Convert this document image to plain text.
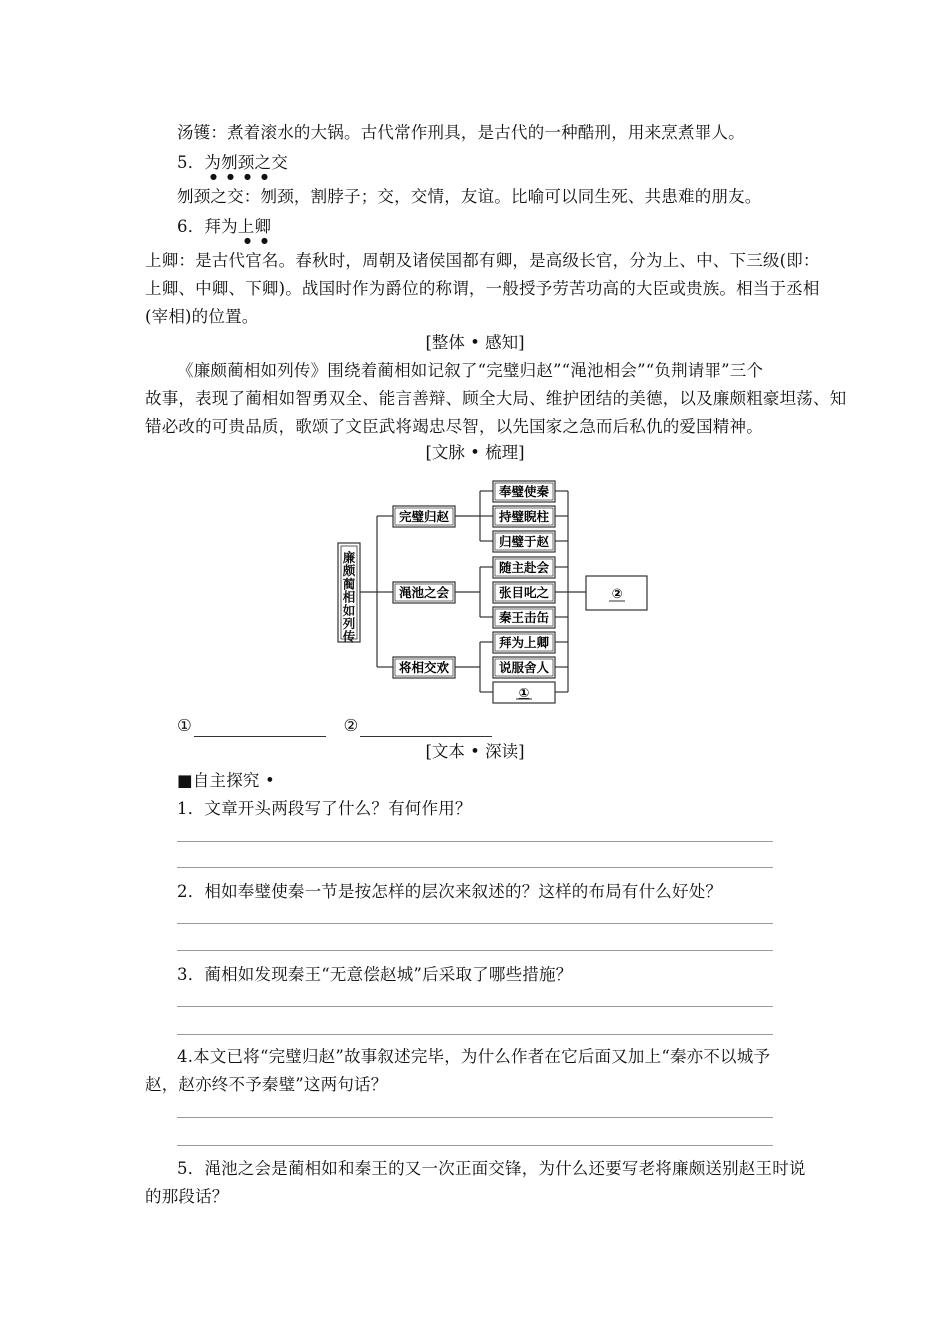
汤镬：煮着滚水的大锅。古代常作刑具，是古代的一种酷刑，用来烹煮罪人。
5．为刎颈之交
● ● ● ●
刎颈之交：刎颈，割脖子；交，交情，友谊。比喻可以同生死、共患难的朋友。
6．拜为上卿
● ●
上卿：是古代官名。春秋时，周朝及诸侯国都有卿，是高级长官，分为上、中、下三级(即：
上卿、中卿、下卿)。战国时作为爵位的称谓，一般授予劳苦功高的大臣或贵族。相当于丞相
(宰相)的位置。
[整体 • 感知]
《廉颇蔺相如列传》围绕着蔺相如记叙了“完璧归赵”“渑池相会”“负荆请罪”三个
故事，表现了蔺相如智勇双全、能言善辩、顾全大局、维护团结的美德，以及廉颇粗豪坦荡、知
错必改的可贵品质，歌颂了文臣武将竭忠尽智，以先国家之急而后私仇的爱国精神。
[文脉 • 梳理]
廉颇蔺相如列传
完璧归赵
渑池之会
将相交欢
奉璧使秦
持璧睨柱
归璧于赵
随主赴会
张目叱之
秦王击缶
拜为上卿
说服舍人
①
②
①	②
[文本 • 深读]
■自主探究 •
1．文章开头两段写了什么？有何作用？
2．相如奉璧使秦一节是按怎样的层次来叙述的？这样的布局有什么好处？
3．蔺相如发现秦王“无意偿赵城”后采取了哪些措施？
4.本文已将“完璧归赵”故事叙述完毕，为什么作者在它后面又加上“秦亦不以城予
赵，赵亦终不予秦璧”这两句话？
5．渑池之会是蔺相如和秦王的又一次正面交锋，为什么还要写老将廉颇送别赵王时说
的那段话？
